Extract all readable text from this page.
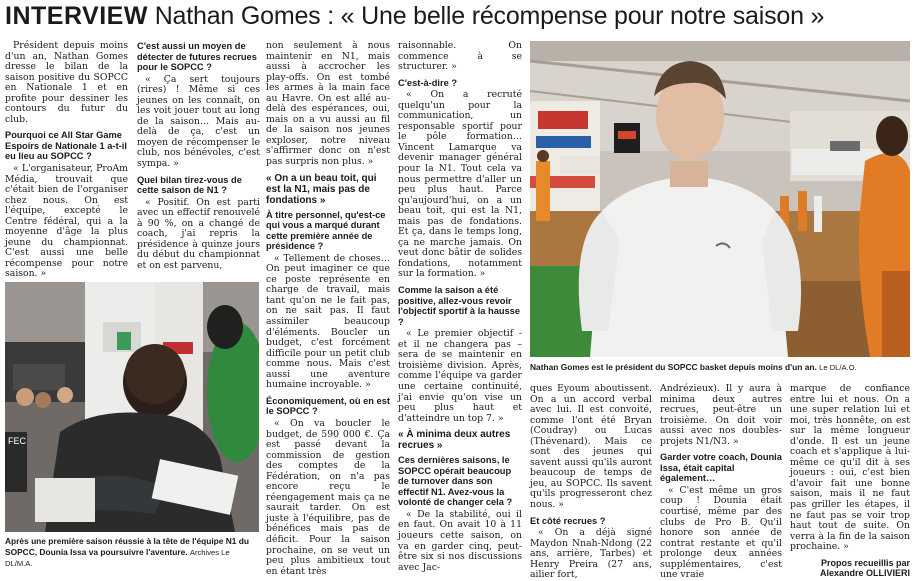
INTERVIEW Nathan Gomes : « Une belle récompense pour notre saison »

Président depuis moins d'un an, Nathan Gomes dresse le bilan de la saison positive du SOPCC en Nationale 1 et en profite pour dessiner les contours du futur du club.

Pourquoi ce All Star Game Espoirs de Nationale 1 a-t-il eu lieu au SOPCC ?

« L'organisateur, ProAm Média, trouvait que c'était bien de l'organiser chez nous. On est l'équipe, excepté le Centre fédéral, qui a la moyenne d'âge la plus jeune du championnat. C'est aussi une belle récompense pour notre saison. »

FEC
Après une première saison réussie à la tête de l'équipe N1 du SOPCC, Dounia Issa va poursuivre l'aventure. Archives Le DL/M.A.

C'est aussi un moyen de détecter de futures recrues pour le SOPCC ?

« Ça sert toujours (rires) ! Même si ces jeunes on les connaît, on les voit jouer tout au long de la saison… Mais au-delà de ça, c'est un moyen de récompenser le club, nos bénévoles, c'est sympa. »

Quel bilan tirez-vous de cette saison de N1 ?

« Positif. On est parti avec un effectif renouvelé à 90 %, on a changé de coach, j'ai repris la présidence à quinze jours du début du championnat et on est parvenu,

non seulement à nous maintenir en N1, mais aussi à accrocher les play-offs. On est tombé les armes à la main face au Havre. On est allé au-delà des espérances, oui, mais on a vu aussi au fil de la saison nos jeunes exploser, notre niveau s'affirmer donc on n'est pas surpris non plus. »

« On a un beau toit, qui est la N1, mais pas de fondations »

À titre personnel, qu'est-ce qui vous a marqué durant cette première année de présidence ?

« Tellement de choses… On peut imaginer ce que ce poste représente en charge de travail, mais tant qu'on ne le fait pas, on ne sait pas. Il faut assimiler beaucoup d'éléments. Boucler un budget, c'est forcément difficile pour un petit club comme nous. Mais c'est aussi une aventure humaine incroyable. »

Économiquement, où en est le SOPCC ?

« On va boucler le budget, de 590 000 €. Ça est passé devant la commission de gestion des comptes de la Fédération, on n'a pas encore reçu le réengagement mais ça ne saurait tarder. On est juste à l'équilibre, pas de bénéfices mais pas de déficit. Pour la saison prochaine, on se veut un peu plus ambitieux tout en étant très

raisonnable. On commence à se structurer. »

C'est-à-dire ?

« On a recruté quelqu'un pour la communication, un responsable sportif pour le pôle formation… Vincent Lamarque va devenir manager général pour la N1. Tout cela va nous permettre d'aller un peu plus haut. Parce qu'aujourd'hui, on a un beau toit, qui est la N1, mais pas de fondations. Et ça, dans le temps long, ça ne marche jamais. On veut donc bâtir de solides fondations, notamment sur la formation. »

Comme la saison a été positive, allez-vous revoir l'objectif sportif à la hausse ?

« Le premier objectif - et il ne changera pas – sera de se maintenir en troisième division. Après, comme l'équipe va garder une certaine continuité, j'ai envie qu'on vise un peu plus haut et d'atteindre un top 7. »

« À minima deux autres recrues »

Ces dernières saisons, le SOPCC opérait beaucoup de turnover dans son effectif N1. Avez-vous la volonté de changer cela ?

« De la stabilité, oui il en faut. On avait 10 à 11 joueurs cette saison, on va en garder cinq, peut-être six si nos discussions avec Jac-

Nathan Gomes est le président du SOPCC basket depuis moins d'un an. Le DL/A.O.

ques Eyoum aboutissent. On a un accord verbal avec lui. Il est convoité, comme l'ont été Bryan (Coudray) ou Lucas (Thévenard). Mais ce sont des jeunes qui savent aussi qu'ils auront beaucoup de temps de jeu, au SOPCC. Ils savent qu'ils progresseront chez nous. »

Et côté recrues ?

« On a déjà signé Maydon Nnah-Ndong (22 ans, arrière, Tarbes) et Henry Preira (27 ans, ailier fort,

Andrézieux). Il y aura à minima deux autres recrues, peut-être un troisième. On doit voir aussi avec nos doubles-projets N1/N3. »

Garder votre coach, Dounia Issa, était capital également…

« C'est même un gros coup ! Dounia était courtisé, même par des clubs de Pro B. Qu'il honore son année de contrat restante et qu'il prolonge deux années supplémentaires, c'est une vraie

marque de confiance entre lui et nous. On a une super relation lui et moi, très honnête, on est sur la même longueur d'onde. Il est un jeune coach et s'applique à lui-même ce qu'il dit à ses joueurs : oui, c'est bien d'avoir fait une bonne saison, mais il ne faut pas griller les étapes, il ne faut pas se voir trop haut tout de suite. On verra à la fin de la saison prochaine. »

Propos recueillis par
Alexandre OLLIVIERI
